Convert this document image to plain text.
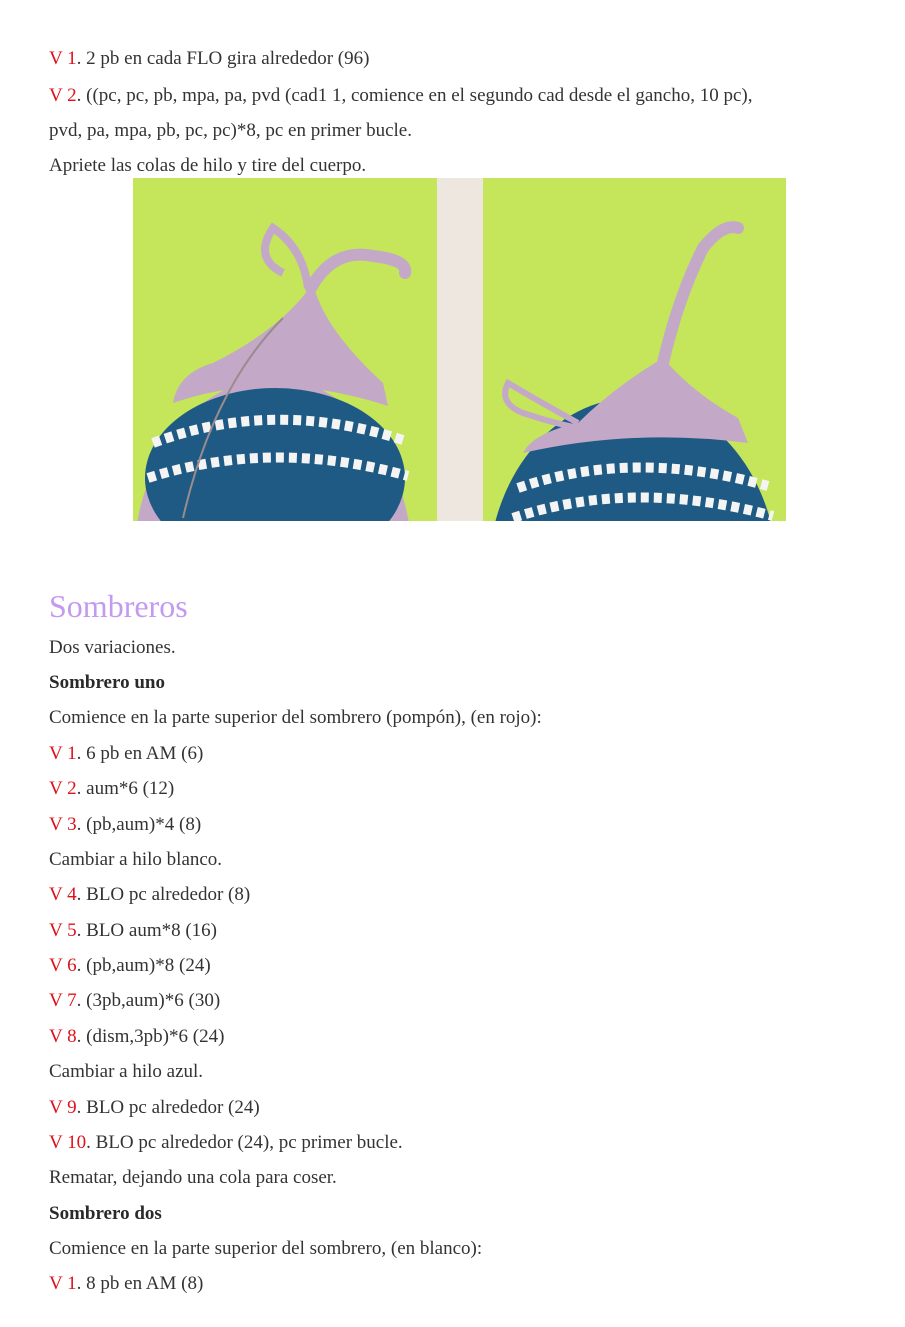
V 1. 2 pb en cada FLO gira alrededor (96)
V 2. ((pc, pc, pb, mpa, pa, pvd (cad1 1, comience en el segundo cad desde el gancho, 10 pc),
pvd, pa, mpa, pb, pc, pc)*8, pc en primer bucle.
Apriete las colas de hilo y tire del cuerpo.
Sombreros
Dos variaciones.
Sombrero uno
Comience en la parte superior del sombrero (pompón), (en rojo):
V 1. 6 pb en AM (6)
V 2. aum*6 (12)
V 3. (pb,aum)*4 (8)
Cambiar a hilo blanco.
V 4. BLO pc alrededor (8)
V 5. BLO aum*8 (16)
V 6. (pb,aum)*8 (24)
V 7. (3pb,aum)*6 (30)
V 8. (dism,3pb)*6 (24)
Cambiar a hilo azul.
V 9. BLO pc alrededor (24)
V 10. BLO pc alrededor (24), pc primer bucle.
Rematar, dejando una cola para coser.
Sombrero dos
Comience en la parte superior del sombrero, (en blanco):
V 1. 8 pb en AM (8)
